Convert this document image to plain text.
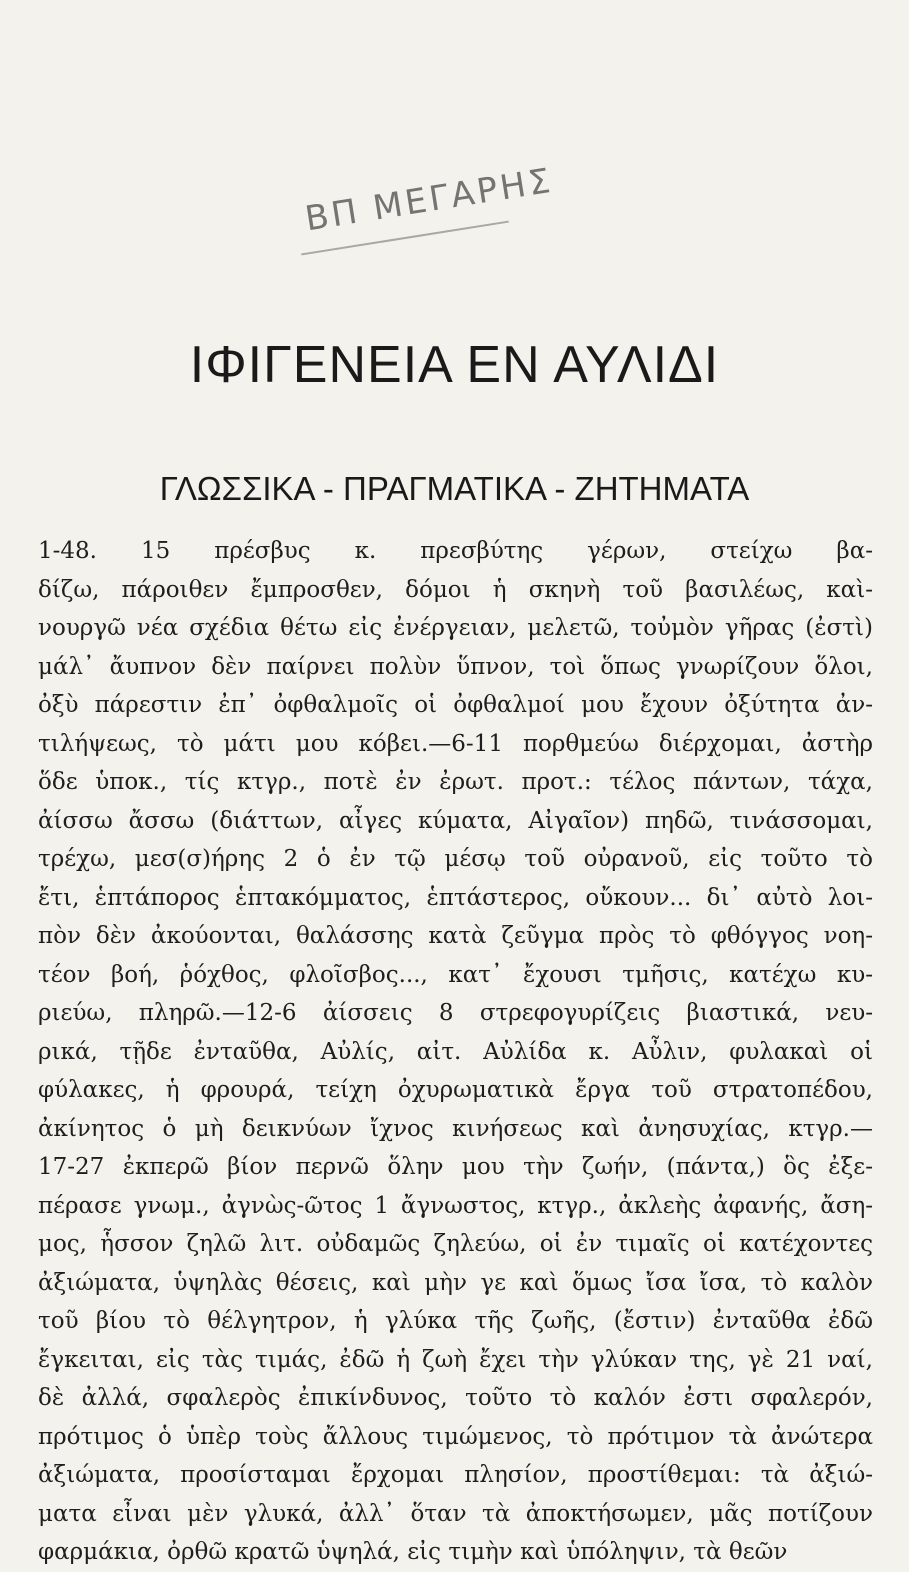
ΒΠ ΜΕΓΑΡΗΣ
ΙΦΙΓΕΝΕΙΑ ΕΝ ΑΥΛΙΔΙ
ΓΛΩΣΣΙΚΑ - ΠΡΑΓΜΑΤΙΚΑ - ΖΗΤΗΜΑΤΑ
1-48. 15 πρέσβυς κ. πρεσβύτης γέρων, στείχω βα-
δίζω, πάροιθεν ἔμπροσθεν, δόμοι ἡ σκηνὴ τοῦ βασιλέως, καὶ-
νουργῶ νέα σχέδια θέτω εἰς ἐνέργειαν, μελετῶ, τοὐμὸν γῆρας (ἐστὶ)
μάλ᾽ ἄυπνον δὲν παίρνει πολὺν ὕπνον, τοὶ ὅπως γνωρίζουν ὅλοι,
ὀξὺ πάρεστιν ἐπ᾽ ὀφθαλμοῖς οἱ ὀφθαλμοί μου ἔχουν ὀξύτητα ἀν-
τιλήψεως, τὸ μάτι μου κόβει.—6-11 πορθμεύω διέρχομαι, ἀστὴρ
ὅδε ὑποκ., τίς κτγρ., ποτὲ ἐν ἐρωτ. προτ.: τέλος πάντων, τάχα,
ἀίσσω ἄσσω (διάττων, αἶγες κύματα, Αἰγαῖον) πηδῶ, τινάσσομαι,
τρέχω, μεσ(σ)ήρης 2 ὁ ἐν τῷ μέσῳ τοῦ οὐρανοῦ, εἰς τοῦτο τὸ
ἔτι, ἑπτάπορος ἑπτακόμματος, ἑπτάστερος, οὔκουν... δι᾽ αὐτὸ λοι-
πὸν δὲν ἀκούονται, θαλάσσης κατὰ ζεῦγμα πρὸς τὸ φθόγγος νοη-
τέον βοή, ῥόχθος, φλοῖσβος..., κατ᾽ ἔχουσι τμῆσις, κατέχω κυ-
ριεύω, πληρῶ.—12-6 ἀίσσεις 8 στρεφογυρίζεις βιαστικά, νευ-
ρικά, τῇδε ἐνταῦθα, Αὐλίς, αἰτ. Αὐλίδα κ. Αὖλιν, φυλακαὶ οἱ
φύλακες, ἡ φρουρά, τείχη ὀχυρωματικὰ ἔργα τοῦ στρατοπέδου,
ἀκίνητος ὁ μὴ δεικνύων ἴχνος κινήσεως καὶ ἀνησυχίας, κτγρ.—
17-27 ἐκπερῶ βίον περνῶ ὅλην μου τὴν ζωήν, (πάντα,) ὃς ἐξε-
πέρασε γνωμ., ἀγνὼς-ῶτος 1 ἄγνωστος, κτγρ., ἀκλεὴς ἀφανής, ἄση-
μος, ἧσσον ζηλῶ λιτ. οὐδαμῶς ζηλεύω, οἱ ἐν τιμαῖς οἱ κατέχοντες
ἀξιώματα, ὑψηλὰς θέσεις, καὶ μὴν γε καὶ ὅμως ἴσα ἴσα, τὸ καλὸν
τοῦ βίου τὸ θέλγητρον, ἡ γλύκα τῆς ζωῆς, (ἔστιν) ἐνταῦθα ἐδῶ
ἔγκειται, εἰς τὰς τιμάς, ἐδῶ ἡ ζωὴ ἔχει τὴν γλύκαν της, γὲ 21 ναί,
δὲ ἀλλά, σφαλερὸς ἐπικίνδυνος, τοῦτο τὸ καλόν ἐστι σφαλερόν,
πρότιμος ὁ ὑπὲρ τοὺς ἄλλους τιμώμενος, τὸ πρότιμον τὰ ἀνώτερα
ἀξιώματα, προσίσταμαι ἔρχομαι πλησίον, προστίθεμαι: τὰ ἀξιώ-
ματα εἶναι μὲν γλυκά, ἀλλ᾽ ὅταν τὰ ἀποκτήσωμεν, μᾶς ποτίζουν
φαρμάκια, ὀρθῶ κρατῶ ὑψηλά, εἰς τιμὴν καὶ ὑπόληψιν, τὰ θεῶν
